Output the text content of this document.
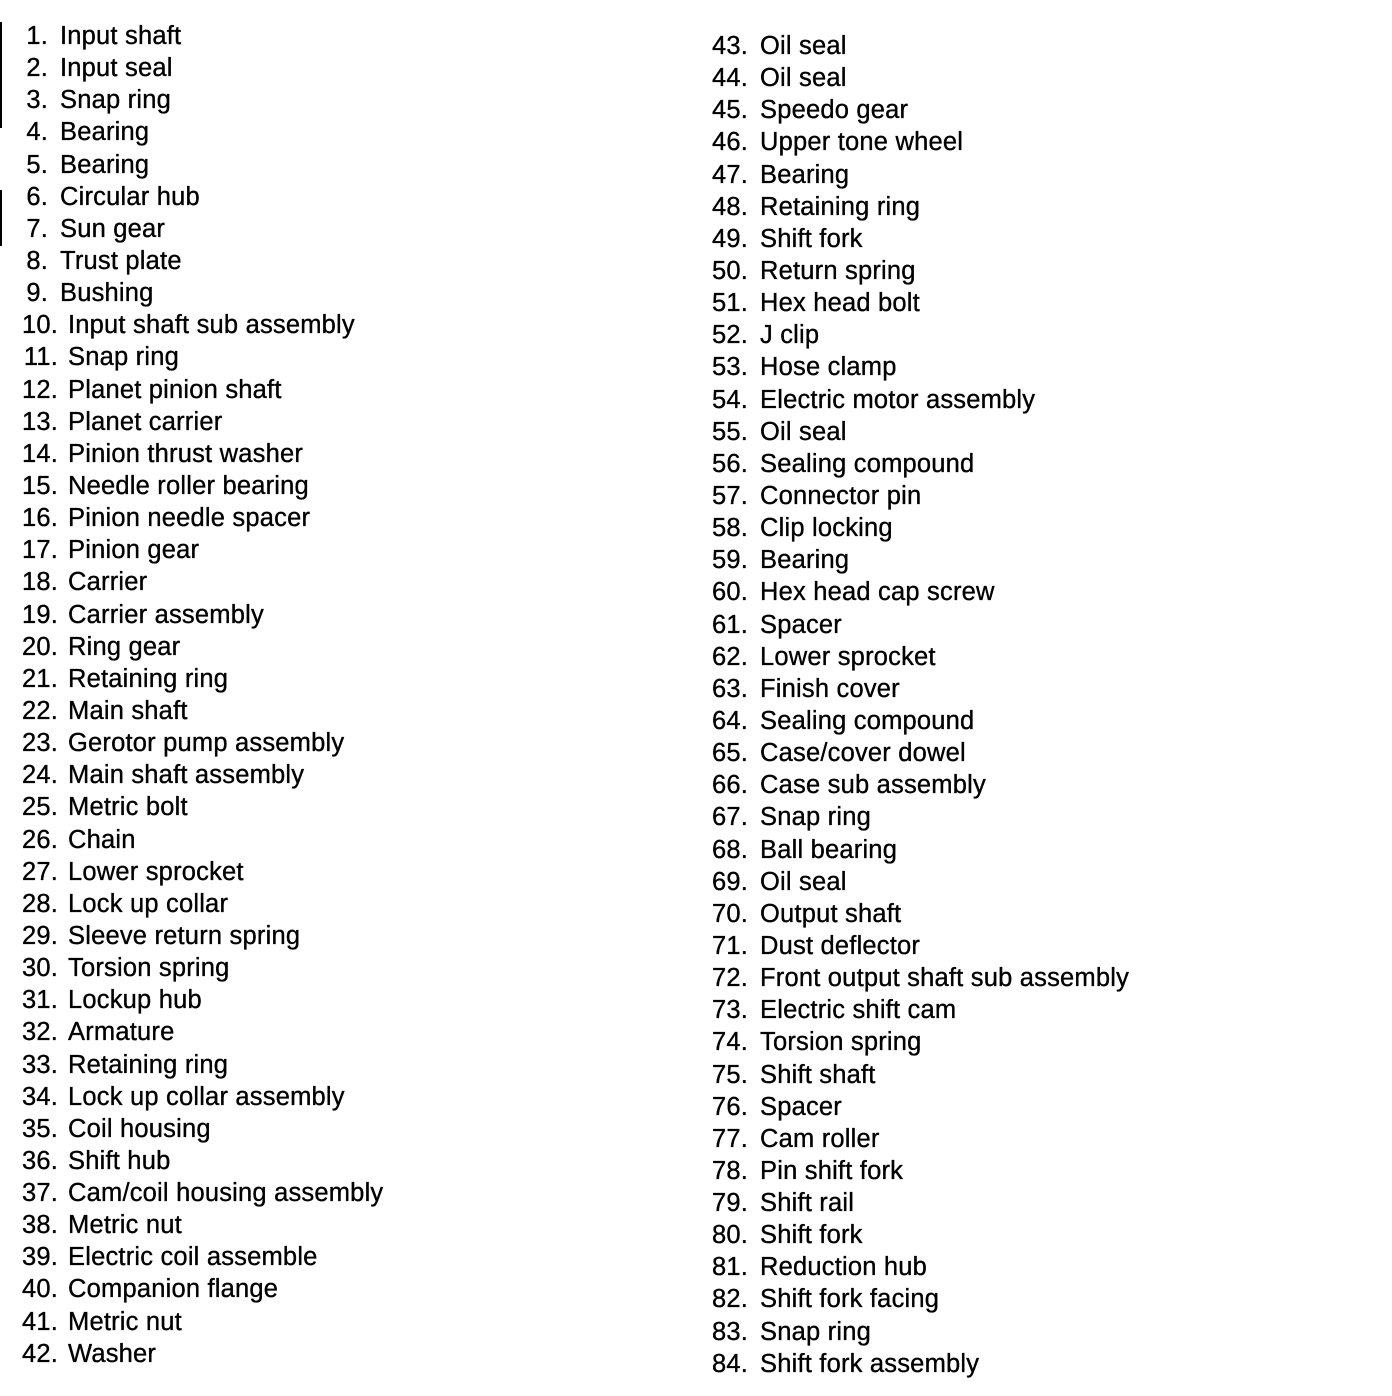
1. Input shaft
2. Input seal
3. Snap ring
4. Bearing
5. Bearing
6. Circular hub
7. Sun gear
8. Trust plate
9. Bushing
10. Input shaft sub assembly
11. Snap ring
12. Planet pinion shaft
13. Planet carrier
14. Pinion thrust washer
15. Needle roller bearing
16. Pinion needle spacer
17. Pinion gear
18. Carrier
19. Carrier assembly
20. Ring gear
21. Retaining ring
22. Main shaft
23. Gerotor pump assembly
24. Main shaft assembly
25. Metric bolt
26. Chain
27. Lower sprocket
28. Lock up collar
29. Sleeve return spring
30. Torsion spring
31. Lockup hub
32. Armature
33. Retaining ring
34. Lock up collar assembly
35. Coil housing
36. Shift hub
37. Cam/coil housing assembly
38. Metric nut
39. Electric coil assemble
40. Companion flange
41. Metric nut
42. Washer
43. Oil seal
44. Oil seal
45. Speedo gear
46. Upper tone wheel
47. Bearing
48. Retaining ring
49. Shift fork
50. Return spring
51. Hex head bolt
52. J clip
53. Hose clamp
54. Electric motor assembly
55. Oil seal
56. Sealing compound
57. Connector pin
58. Clip locking
59. Bearing
60. Hex head cap screw
61. Spacer
62. Lower sprocket
63. Finish cover
64. Sealing compound
65. Case/cover dowel
66. Case sub assembly
67. Snap ring
68. Ball bearing
69. Oil seal
70. Output shaft
71. Dust deflector
72. Front output shaft sub assembly
73. Electric shift cam
74. Torsion spring
75. Shift shaft
76. Spacer
77. Cam roller
78. Pin shift fork
79. Shift rail
80. Shift fork
81. Reduction hub
82. Shift fork facing
83. Snap ring
84. Shift fork assembly
